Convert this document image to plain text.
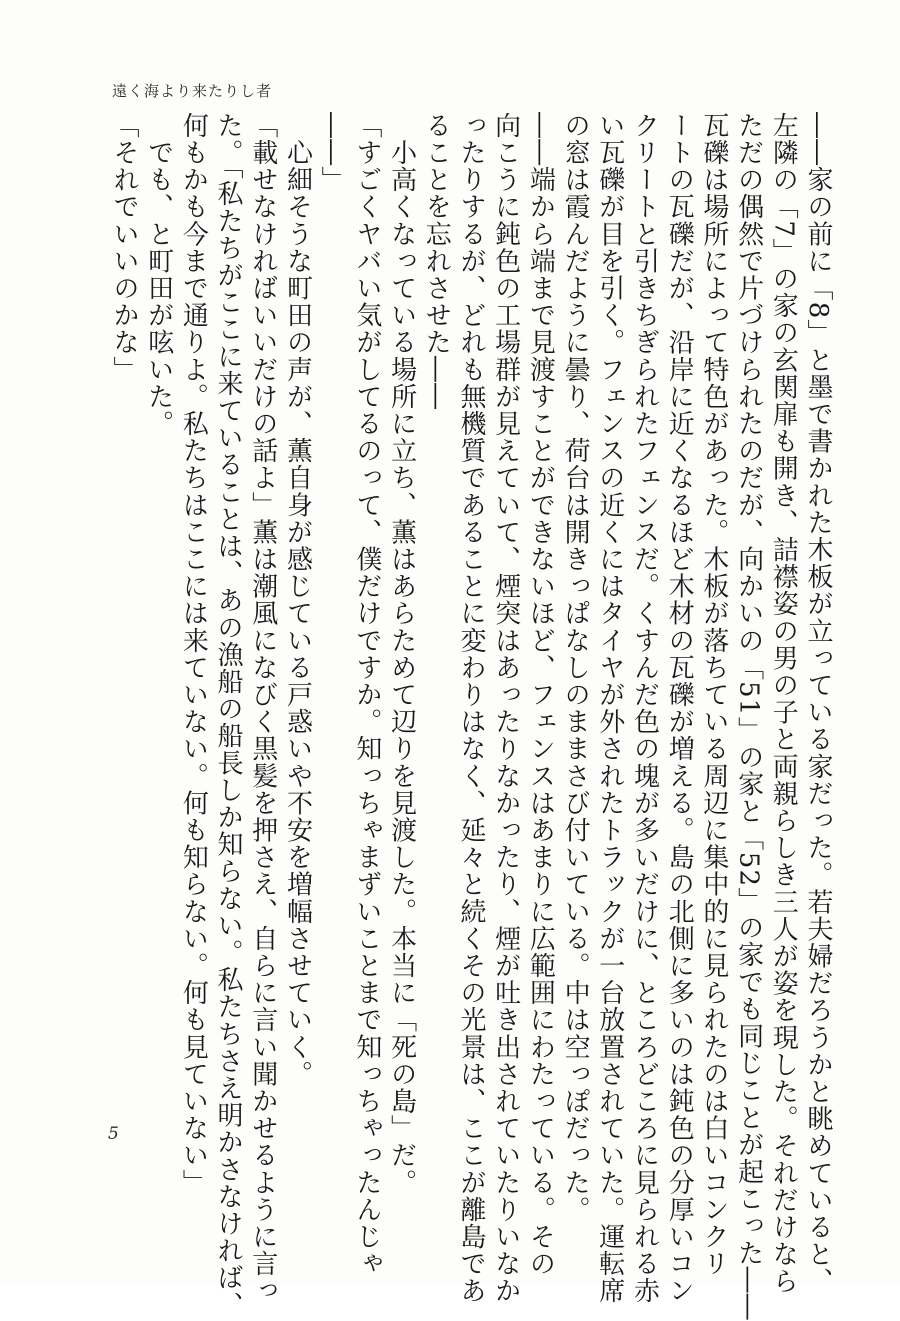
遠く海より来たりし者
――家の前に「8」と墨で書かれた木板が立っている家だった。若夫婦だろうかと眺めていると、
左隣の「7」の家の玄関扉も開き、詰襟姿の男の子と両親らしき三人が姿を現した。それだけなら
ただの偶然で片づけられたのだが、向かいの「51」の家と「52」の家でも同じことが起こった――
瓦礫は場所によって特色があった。木板が落ちている周辺に集中的に見られたのは白いコンクリ
ートの瓦礫だが、沿岸に近くなるほど木材の瓦礫が増える。島の北側に多いのは鈍色の分厚いコン
クリートと引きちぎられたフェンスだ。くすんだ色の塊が多いだけに、ところどころに見られる赤
い瓦礫が目を引く。フェンスの近くにはタイヤが外されたトラックが一台放置されていた。運転席
の窓は霞んだように曇り、荷台は開きっぱなしのままさび付いている。中は空っぽだった。
――端から端まで見渡すことができないほど、フェンスはあまりに広範囲にわたっている。その
向こうに鈍色の工場群が見えていて、煙突はあったりなかったり、煙が吐き出されていたりいなか
ったりするが、どれも無機質であることに変わりはなく、延々と続くその光景は、ここが離島であ
ることを忘れさせた――
　小高くなっている場所に立ち、薫はあらためて辺りを見渡した。本当に「死の島」だ。
「すごくヤバい気がしてるのって、僕だけですか。知っちゃまずいことまで知っちゃったんじゃ
――」
　心細そうな町田の声が、薫自身が感じている戸惑いや不安を増幅させていく。
「載せなければいいだけの話よ」薫は潮風になびく黒髪を押さえ、自らに言い聞かせるように言っ
た。「私たちがここに来ていることは、あの漁船の船長しか知らない。私たちさえ明かさなければ、
何もかも今まで通りよ。私たちはここには来ていない。何も知らない。何も見ていない」
　でも、と町田が呟いた。
「それでいいのかな」
5
